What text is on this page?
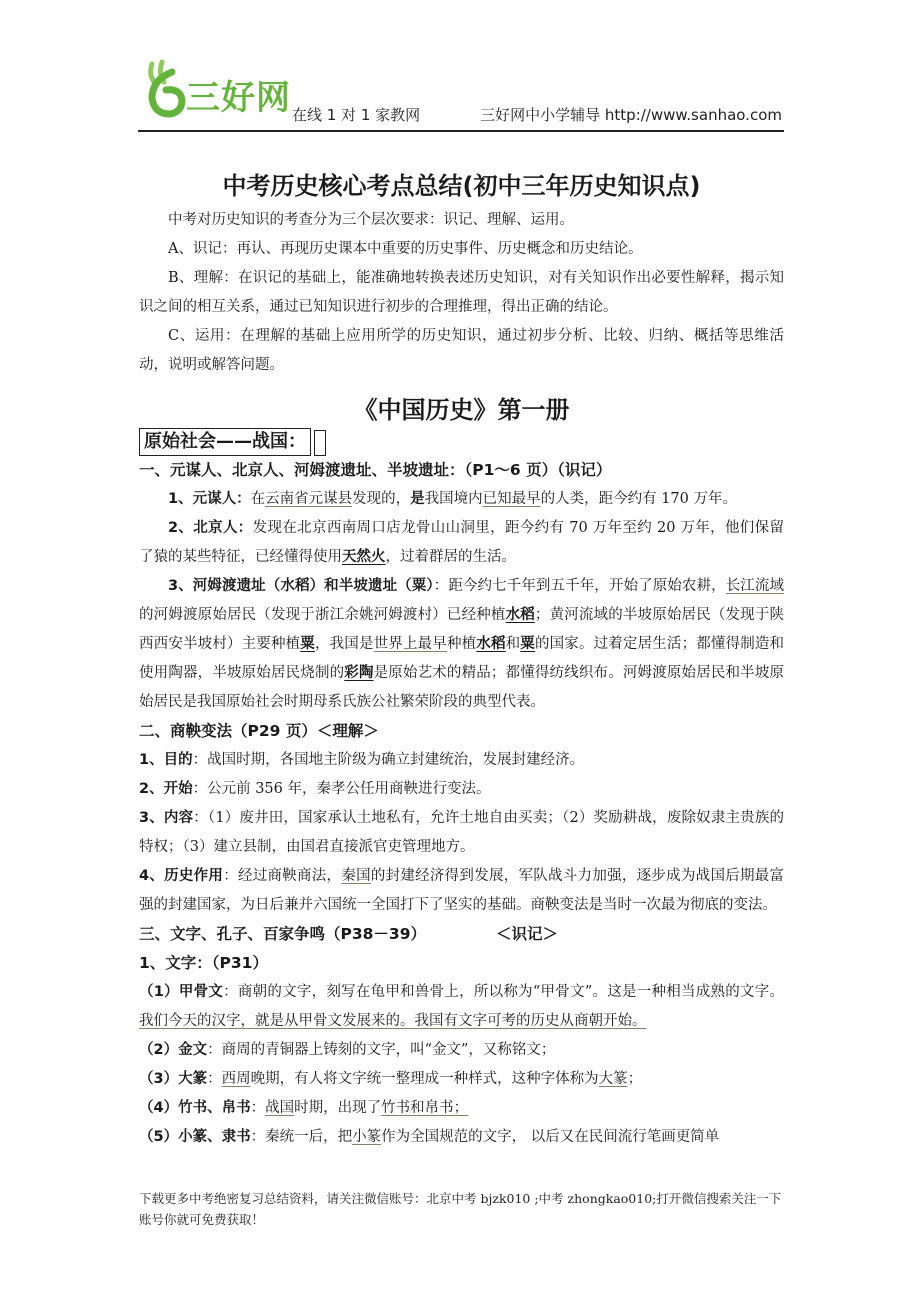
三好网 在线 1 对 1 家教网	三好网中小学辅导 http://www.sanhao.com
中考历史核心考点总结(初中三年历史知识点)

中考对历史知识的考查分为三个层次要求：识记、理解、运用。

A、识记：再认、再现历史课本中重要的历史事件、历史概念和历史结论。

B、理解：在识记的基础上，能准确地转换表述历史知识，对有关知识作出必要性解释，揭示知识之间的相互关系，通过已知知识进行初步的合理推理，得出正确的结论。

C、运用：在理解的基础上应用所学的历史知识，通过初步分析、比较、归纳、概括等思维活动，说明或解答问题。

《中国历史》第一册
原始社会——战国：

一、元谋人、北京人、河姆渡遗址、半坡遗址：（P1～6 页）（识记）

1、元谋人：在云南省元谋县发现的，是我国境内已知最早的人类，距今约有 170 万年。

2、北京人：发现在北京西南周口店龙骨山山洞里，距今约有 70 万年至约 20 万年，他们保留了猿的某些特征，已经懂得使用天然火，过着群居的生活。

3、河姆渡遗址（水稻）和半坡遗址（粟）：距今约七千年到五千年，开始了原始农耕，长江流域的河姆渡原始居民（发现于浙江余姚河姆渡村）已经种植水稻；黄河流域的半坡原始居民（发现于陕西西安半坡村）主要种植粟，我国是世界上最早种植水稻和粟的国家。过着定居生活；都懂得制造和使用陶器，半坡原始居民烧制的彩陶是原始艺术的精品；都懂得纺线织布。河姆渡原始居民和半坡原始居民是我国原始社会时期母系氏族公社繁荣阶段的典型代表。

二、商鞅变法（P29 页）＜理解＞

1、目的：战国时期，各国地主阶级为确立封建统治，发展封建经济。

2、开始：公元前 356 年，秦孝公任用商鞅进行变法。

3、内容：（1）废井田，国家承认土地私有，允许土地自由买卖；（2）奖励耕战，废除奴隶主贵族的特权；（3）建立县制，由国君直接派官吏管理地方。

4、历史作用：经过商鞅商法，秦国的封建经济得到发展，军队战斗力加强，逐步成为战国后期最富强的封建国家，为日后兼并六国统一全国打下了坚实的基础。商鞅变法是当时一次最为彻底的变法。

三、文字、孔子、百家争鸣（P38－39）	＜识记＞

1、文字：（P31）

（1）甲骨文：商朝的文字，刻写在龟甲和兽骨上，所以称为“甲骨文”。这是一种相当成熟的文字。我们今天的汉字，就是从甲骨文发展来的。我国有文字可考的历史从商朝开始。

（2）金文：商周的青铜器上铸刻的文字，叫“金文”，又称铭文；

（3）大篆：西周晚期，有人将文字统一整理成一种样式，这种字体称为大篆；

（4）竹书、帛书：战国时期，出现了竹书和帛书；

（5）小篆、隶书：秦统一后，把小篆作为全国规范的文字， 以后又在民间流行笔画更简单

下载更多中考绝密复习总结资料，请关注微信账号：北京中考 bjzk010 ;中考 zhongkao010;打开微信搜索关注一下账号你就可免费获取！
